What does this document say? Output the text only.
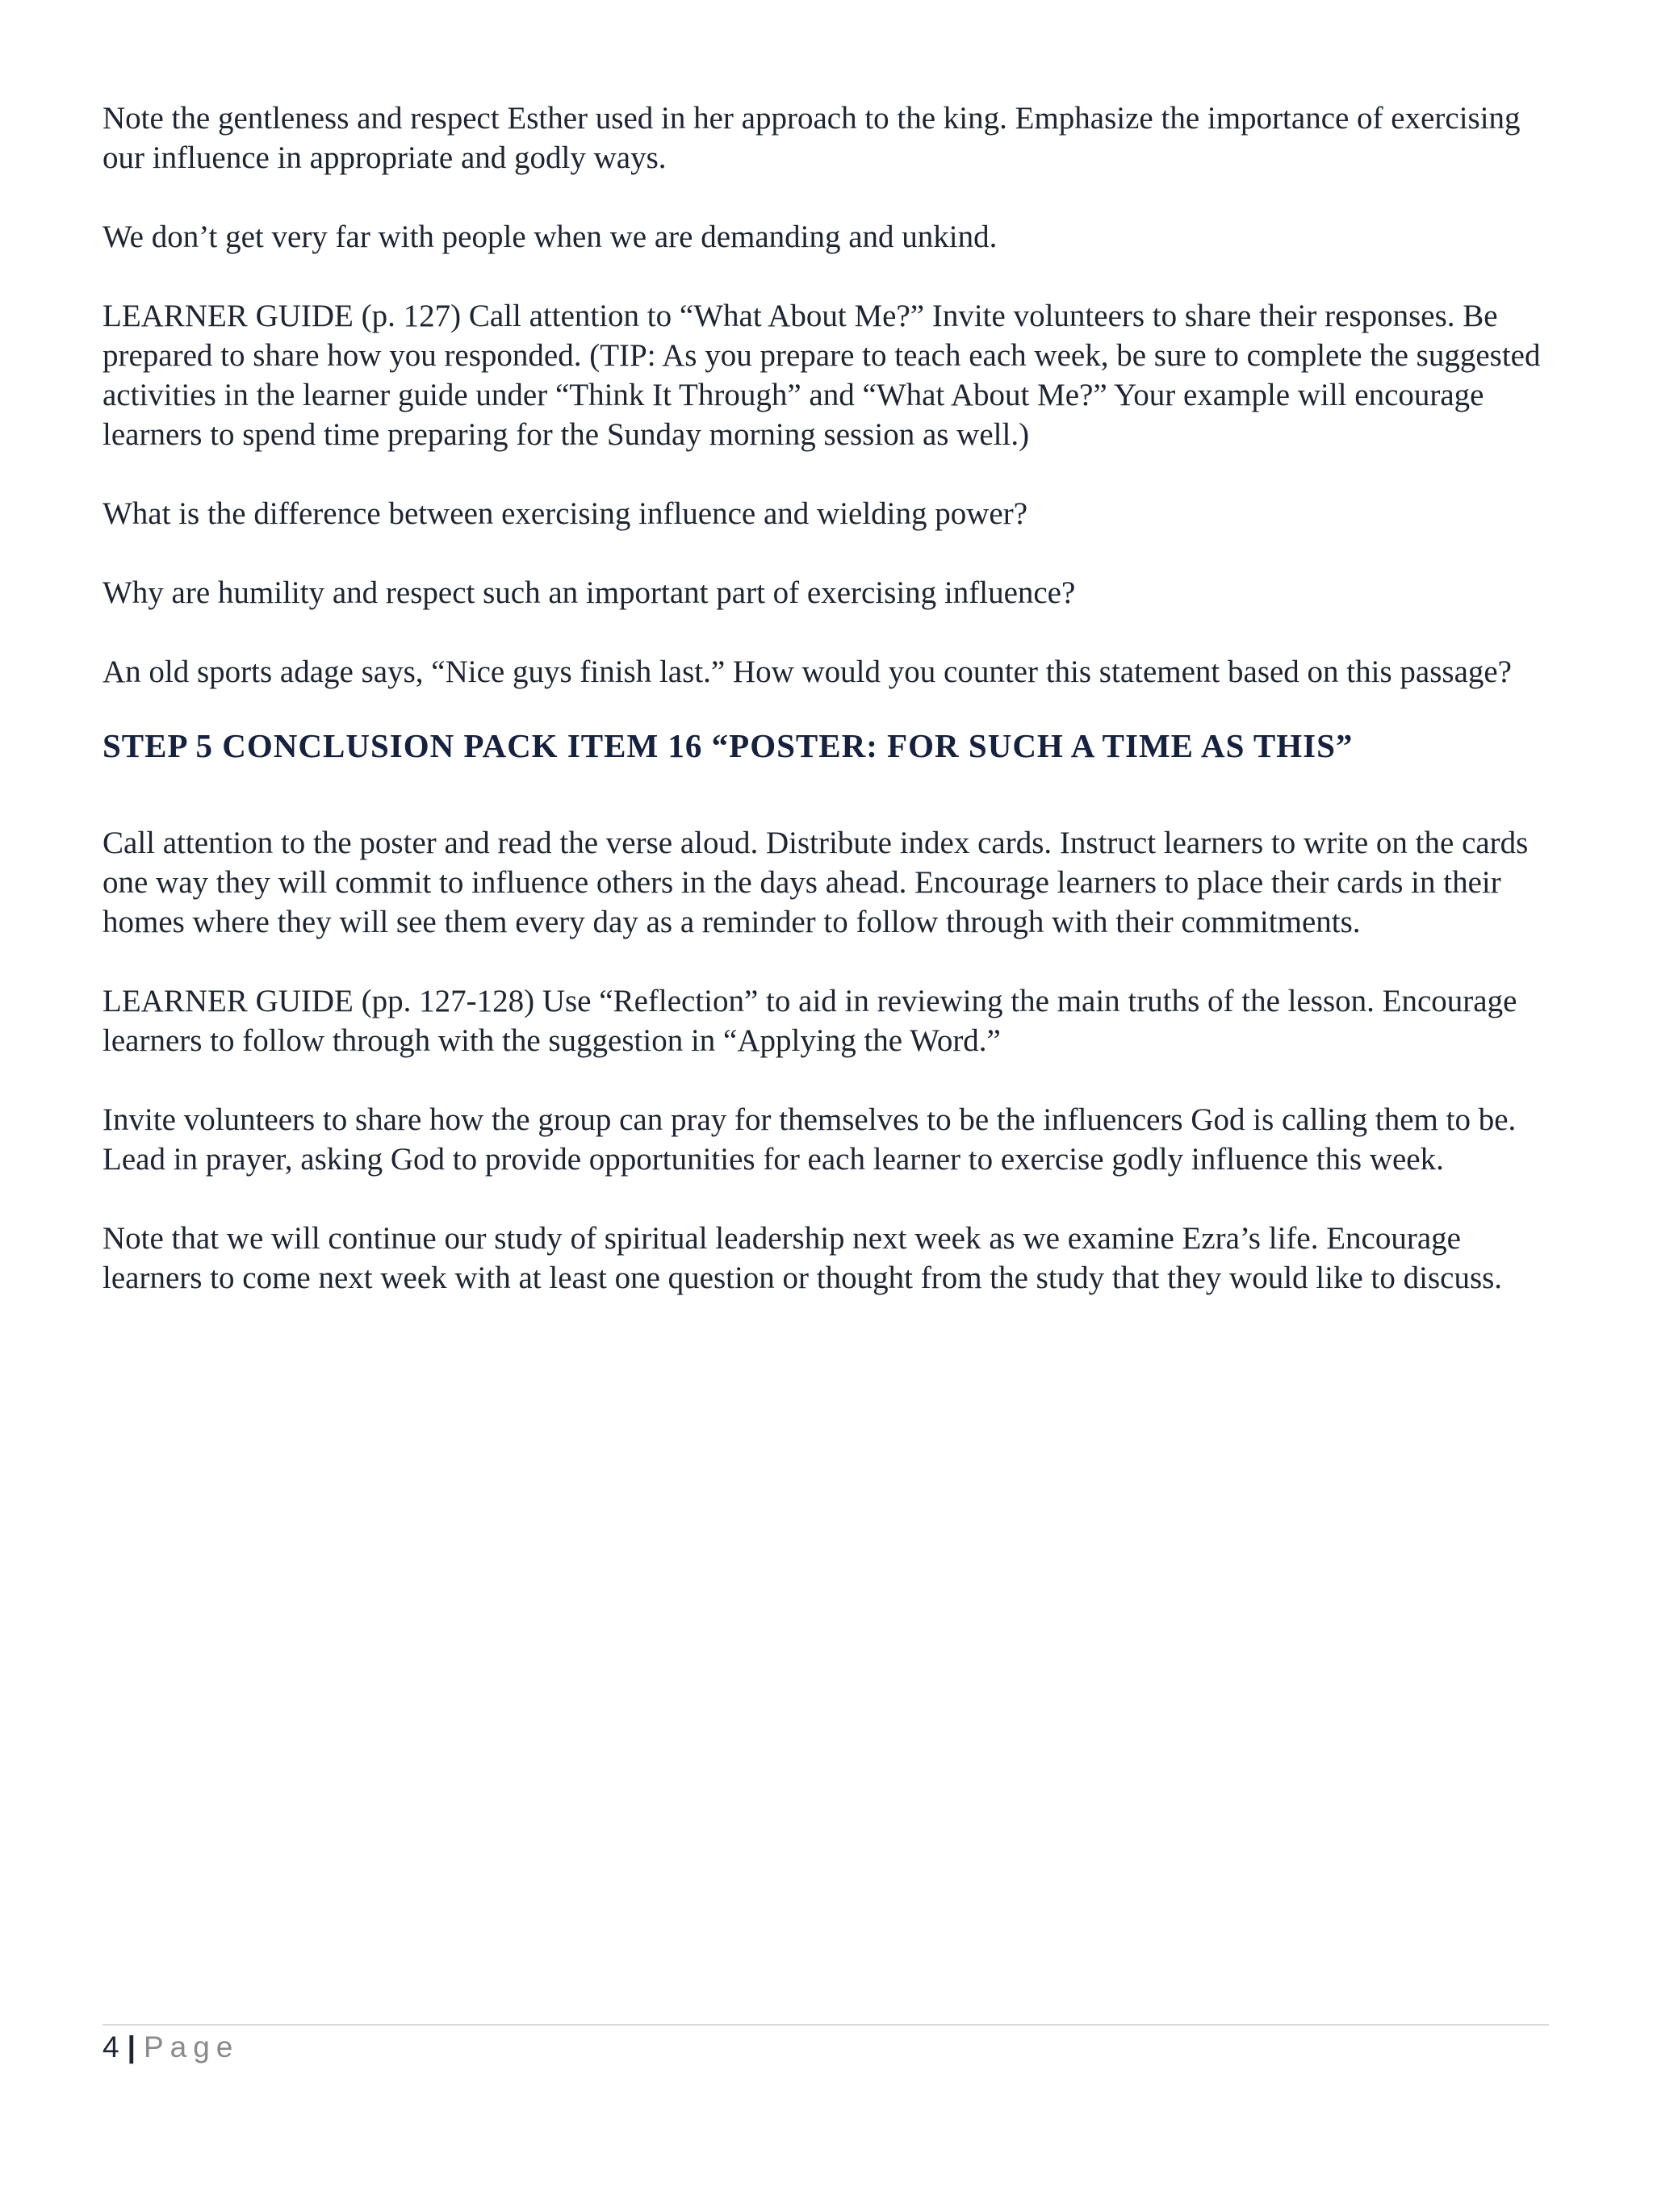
Note the gentleness and respect Esther used in her approach to the king. Emphasize the importance of exercising our influence in appropriate and godly ways.

We don’t get very far with people when we are demanding and unkind.

LEARNER GUIDE (p. 127) Call attention to “What About Me?” Invite volunteers to share their responses. Be prepared to share how you responded. (TIP: As you prepare to teach each week, be sure to complete the suggested activities in the learner guide under “Think It Through” and “What About Me?” Your example will encourage learners to spend time preparing for the Sunday morning session as well.)

What is the difference between exercising influence and wielding power?

Why are humility and respect such an important part of exercising influence?

An old sports adage says, “Nice guys finish last.” How would you counter this statement based on this passage?

STEP 5 CONCLUSION PACK ITEM 16 “POSTER: FOR SUCH A TIME AS THIS”

Call attention to the poster and read the verse aloud. Distribute index cards. Instruct learners to write on the cards one way they will commit to influence others in the days ahead. Encourage learners to place their cards in their homes where they will see them every day as a reminder to follow through with their commitments.

LEARNER GUIDE (pp. 127-128) Use “Reflection” to aid in reviewing the main truths of the lesson. Encourage learners to follow through with the suggestion in “Applying the Word.”

Invite volunteers to share how the group can pray for themselves to be the influencers God is calling them to be. Lead in prayer, asking God to provide opportunities for each learner to exercise godly influence this week.

Note that we will continue our study of spiritual leadership next week as we examine Ezra’s life. Encourage learners to come next week with at least one question or thought from the study that they would like to discuss.

4 | Page
